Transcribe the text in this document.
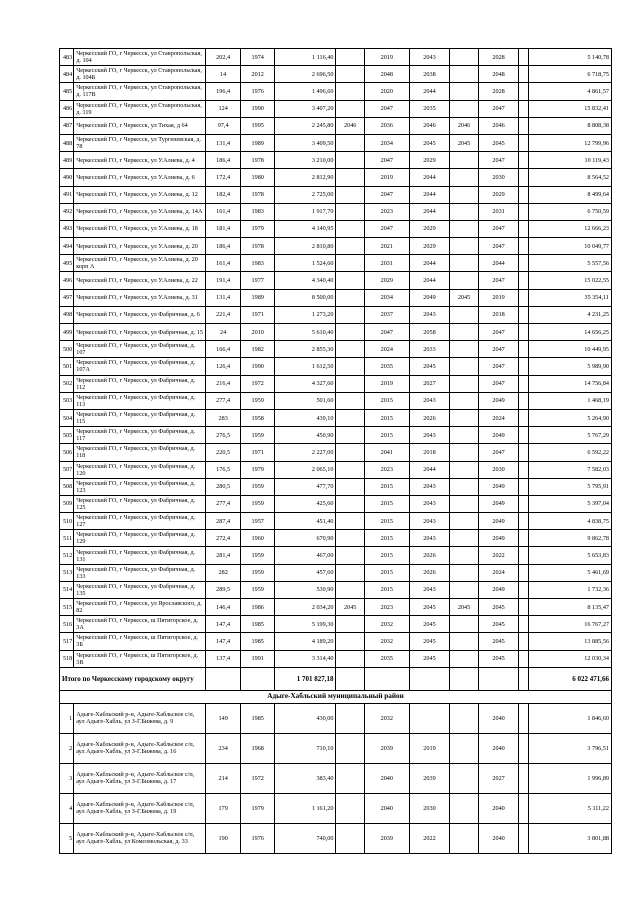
483	Черкесский ГО, г Черкесск, ул Ставропольская, д. 104	202,4	1974	1 116,40		2019	2043		2028		5 140,78
484	Черкесский ГО, г Черкесск, ул Ставропольская, д. 104Б	14	2012	2 696,50		2048	2038		2048		6 718,75
485	Черкесский ГО, г Черкесск, ул Ставропольская, д. 117В	196,4	1976	1 496,60		2020	2044		2028		4 861,57
486	Черкесский ГО, г Черкесск, ул Ставропольская, д. 119	124	1990	3 407,20		2047	2035		2047		15 832,41
487	Черкесский ГО, г Черкесск, ул Тихая, д 64	97,4	1995	2 245,80	2046	2036	2046	2046	2046		8 808,38
488	Черкесский ГО, г Черкесск, ул Тургеневская, д. 78	131,4	1989	3 409,50		2034	2045	2045	2045		12 799,96
489	Черкесский ГО, г Черкесск, ул У.Алиева, д. 4	186,4	1978	3 210,00		2047	2029		2047		10 119,43
490	Черкесский ГО, г Черкесск, ул У.Алиева, д. 6	172,4	1980	2 812,90		2019	2044		2030		8 564,52
491	Черкесский ГО, г Черкесск, ул У.Алиева, д. 12	182,4	1978	2 725,00		2047	2044		2029		8 499,64
492	Черкесский ГО, г Черкесск, ул У.Алиева, д. 14А	161,4	1983	1 917,70		2023	2044		2031		6 750,59
493	Черкесский ГО, г Черкесск, ул У.Алиева, д. 18	181,4	1979	4 140,95		2047	2029		2047		12 666,23
494	Черкесский ГО, г Черкесск, ул У.Алиева, д. 20	186,4	1978	2 810,80		2021	2029		2047		10 049,77
495	Черкесский ГО, г Черкесск, ул У.Алиева, д. 20 корп А	161,4	1983	1 524,60		2031	2044		2044		5 557,56
496	Черкесский ГО, г Черкесск, ул У.Алиева, д. 22	191,4	1977	4 340,40		2029	2044		2047		15 022,55
497	Черкесский ГО, г Черкесск, ул У.Алиева, д. 31	131,4	1989	8 500,00		2034	2049	2045	2019		35 354,11
498	Черкесский ГО, г Черкесск, ул Фабричная, д. 6	221,4	1971	1 273,20		2037	2043		2018		4 231,25
499	Черкесский ГО, г Черкесск, ул Фабричная, д. 15	24	2010	5 610,40		2047	2058		2047		14 656,25
500	Черкесский ГО, г Черкесск, ул Фабричная, д. 107	166,4	1982	2 855,30		2024	2033		2047		10 449,95
501	Черкесский ГО, г Черкесск, ул Фабричная, д. 107А	126,4	1990	1 612,50		2035	2045		2047		5 989,90
502	Черкесский ГО, г Черкесск, ул Фабричная, д. 112	216,4	1972	4 327,60		2019	2027		2047		14 756,84
503	Черкесский ГО, г Черкесск, ул Фабричная, д. 113	277,4	1959	501,60		2015	2043		2049		1 468,19
504	Черкесский ГО, г Черкесск, ул Фабричная, д. 115	283	1958	439,10		2015	2026		2024		5 264,90
505	Черкесский ГО, г Черкесск, ул Фабричная, д. 117	276,5	1959	450,90		2015	2043		2049		5 767,29
506	Черкесский ГО, г Черкесск, ул Фабричная, д. 118	220,5	1971	2 227,00		2041	2018		2047		6 592,22
507	Черкесский ГО, г Черкесск, ул Фабричная, д. 120	176,5	1979	2 065,10		2023	2044		2030		7 582,03
508	Черкесский ГО, г Черкесск, ул Фабричная, д. 123	280,5	1959	477,70		2015	2043		2049		5 795,91
509	Черкесский ГО, г Черкесск, ул Фабричная, д. 125	277,4	1959	425,60		2015	2043		2049		5 397,04
510	Черкесский ГО, г Черкесск, ул Фабричная, д. 127	287,4	1957	451,40		2015	2043		2049		4 838,75
511	Черкесский ГО, г Черкесск, ул Фабричная, д. 129	272,4	1960	670,90		2015	2043		2049		9 862,78
512	Черкесский ГО, г Черкесск, ул Фабричная, д. 131	281,4	1959	467,00		2015	2026		2022		5 653,83
513	Черкесский ГО, г Черкесск, ул Фабричная, д. 133	282	1959	457,60		2015	2026		2024		5 461,69
514	Черкесский ГО, г Черкесск, ул Фабричная, д. 135	289,5	1959	530,90		2015	2043		2049		1 732,36
515	Черкесский ГО, г Черкесск, ул Ярославского, д. 82	146,4	1986	2 034,20	2045	2023	2045	2045	2045		8 135,47
516	Черкесский ГО, г Черкесск, ш Пятигорское, д. 3А	147,4	1985	5 199,30		2032	2045		2045		16 767,27
517	Черкесский ГО, г Черкесск, ш Пятигорское, д. 3Б	147,4	1985	4 189,20		2032	2045		2045		13 885,56
518	Черкесский ГО, г Черкесск, ш Пятигорское, д. 3В	137,4	1991	3 314,40		2035	2045		2045		12 030,34
Итого по Черкесскому городскому округу				1 701 827,18							6 022 471,66
Адыге-Хабльский муниципальный район											
1	Адыге-Хабльский р-н, Адыге-Хабльское с/п, аул Адыге-Хабль, ул З-Г.Бижева, д. 9	149	1985	430,00		2032			2040		1 846,60
2	Адыге-Хабльский р-н, Адыге-Хабльское с/п, аул Адыге-Хабль, ул З-Г.Бижева, д. 16	234	1968	710,10		2039	2019		2040		3 796,51
3	Адыге-Хабльский р-н, Адыге-Хабльское с/п, аул Адыге-Хабль, ул З-Г.Бижева, д. 17	214	1972	383,40		2040	2039		2027		1 996,89
4	Адыге-Хабльский р-н, Адыге-Хабльское с/п, аул Адыге-Хабль, ул З-Г.Бижева, д. 19	179	1979	1 161,20		2040	2030		2040		5 111,22
5	Адыге-Хабльский р-н, Адыге-Хабльское с/п, аул Адыге-Хабль, ул Комсомольская, д. 33	190	1976	740,00		2039	2022		2040		3 801,88
